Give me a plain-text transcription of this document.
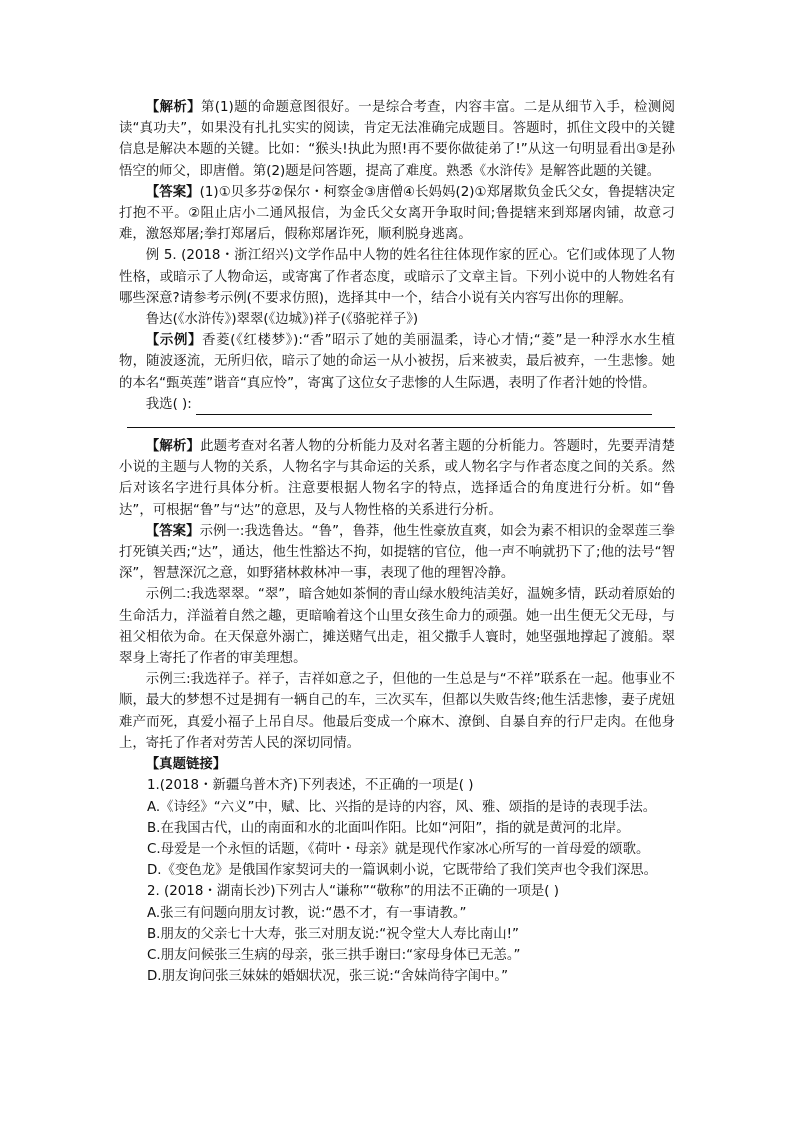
【解析】第(1)题的命题意图很好。一是综合考查，内容丰富。二是从细节入手，检测阅读“真功夫”，如果没有扎扎实实的阅读，肯定无法准确完成题目。答题时，抓住文段中的关键信息是解决本题的关键。比如：“猴头!执此为照!再不要你做徒弟了!”从这一句明显看出③是孙悟空的师父，即唐僧。第(2)题是问答题，提高了难度。熟悉《水浒传》是解答此题的关键。

【答案】(1)①贝多芬②保尔・柯察金③唐僧④长妈妈(2)①郑屠欺负金氏父女，鲁提辖决定打抱不平。②阻止店小二通风报信，为金氏父女离开争取时间;鲁提辖来到郑屠肉铺，故意刁难，激怒郑屠;拳打郑屠后，假称郑屠诈死，顺利脱身逃离。

例 5. (2018・浙江绍兴)文学作品中人物的姓名往往体现作家的匠心。它们或体现了人物性格，或暗示了人物命运，或寄寓了作者态度，或暗示了文章主旨。下列小说中的人物姓名有哪些深意?请参考示例(不要求仿照)，选择其中一个，结合小说有关内容写出你的理解。

鲁达(《水浒传》)翠翠(《边城》)祥子(《骆驼祥子》)

【示例】香菱(《红楼梦》):“香”昭示了她的美丽温柔，诗心才情;“菱”是一种浮水水生植物，随波逐流，无所归依，暗示了她的命运一从小被拐，后来被卖，最后被弃，一生悲惨。她的本名“甄英莲”谐音“真应怜”，寄寓了这位女子悲惨的人生际遇，表明了作者汁她的怜惜。

我选( ):

【解析】此题考查对名著人物的分析能力及对名著主题的分析能力。答题时，先要弄清楚小说的主题与人物的关系，人物名字与其命运的关系，或人物名字与作者态度之间的关系。然后对该名字进行具体分析。注意要根据人物名字的特点，选择适合的角度进行分析。如“鲁达”，可根据“鲁”与“达”的意思，及与人物性格的关系进行分析。

【答案】示例一:我选鲁达。“鲁”，鲁莽，他生性豪放直爽，如会为素不相识的金翠莲三拳打死镇关西;“达”，通达，他生性豁达不拘，如提辖的官位，他一声不响就扔下了;他的法号“智深”，智慧深沉之意，如野猪林救林冲一事，表现了他的理智冷静。

示例二:我选翠翠。“翠”，暗含她如茶恫的青山绿水般纯洁美好，温婉多情，跃动着原始的生命活力，洋溢着自然之趣，更暗喻着这个山里女孩生命力的顽强。她一出生便无父无母，与祖父相依为命。在天保意外溺亡，摊送赌气出走，祖父撒手人寰时，她坚强地撑起了渡船。翠翠身上寄托了作者的审美理想。

示例三:我选祥子。祥子，吉祥如意之子，但他的一生总是与“不祥”联系在一起。他事业不顺，最大的梦想不过是拥有一辆自己的车，三次买车，但都以失败告终;他生活悲惨，妻子虎妞难产而死，真爱小福子上吊自尽。他最后变成一个麻木、潦倒、自暴自弃的行尸走肉。在他身上，寄托了作者对劳苦人民的深切同情。

【真题链接】

1.(2018・新疆乌普木齐)下列表述，不正确的一项是( )

A.《诗经》“六义”中，赋、比、兴指的是诗的内容，风、雅、颂指的是诗的表现手法。

B.在我国古代，山的南面和水的北面叫作阳。比如“河阳”，指的就是黄河的北岸。

C.母爱是一个永恒的话题，《荷叶・母亲》就是现代作家冰心所写的一首母爱的颂歌。

D.《变色龙》是俄国作家契诃夫的一篇讽刺小说，它既带给了我们笑声也令我们深思。

2. (2018・湖南长沙)下列古人“谦称”“敬称”的用法不正确的一项是( )

A.张三有问题向朋友讨教，说:“愚不才，有一事请教。”

B.朋友的父亲七十大寿，张三对朋友说:“祝令堂大人寿比南山!”

C.朋友问候张三生病的母亲，张三拱手谢曰:“家母身体已无恙。”

D.朋友询问张三妹妹的婚姻状况，张三说:“舍妹尚待字闺中。”
